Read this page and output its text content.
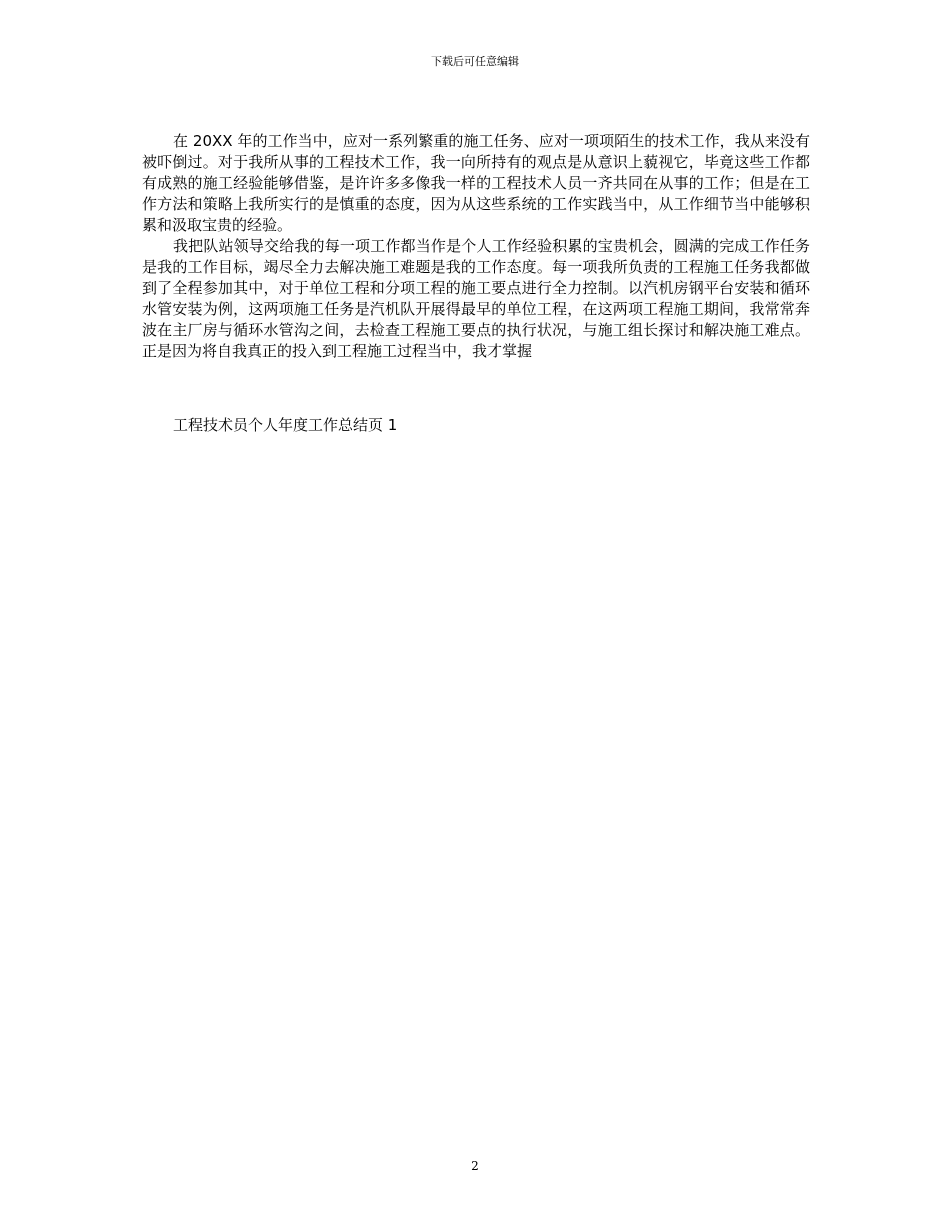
下载后可任意编辑

在 20XX 年的工作当中，应对一系列繁重的施工任务、应对一项项陌生的技术工作，我从来没有被吓倒过。对于我所从事的工程技术工作，我一向所持有的观点是从意识上藐视它，毕竟这些工作都有成熟的施工经验能够借鉴，是许许多多像我一样的工程技术人员一齐共同在从事的工作；但是在工作方法和策略上我所实行的是慎重的态度，因为从这些系统的工作实践当中，从工作细节当中能够积累和汲取宝贵的经验。

我把队站领导交给我的每一项工作都当作是个人工作经验积累的宝贵机会，圆满的完成工作任务是我的工作目标，竭尽全力去解决施工难题是我的工作态度。每一项我所负责的工程施工任务我都做到了全程参加其中，对于单位工程和分项工程的施工要点进行全力控制。以汽机房钢平台安装和循环水管安装为例，这两项施工任务是汽机队开展得最早的单位工程，在这两项工程施工期间，我常常奔波在主厂房与循环水管沟之间，去检查工程施工要点的执行状况，与施工组长探讨和解决施工难点。正是因为将自我真正的投入到工程施工过程当中，我才掌握

工程技术员个人年度工作总结页 1

2
